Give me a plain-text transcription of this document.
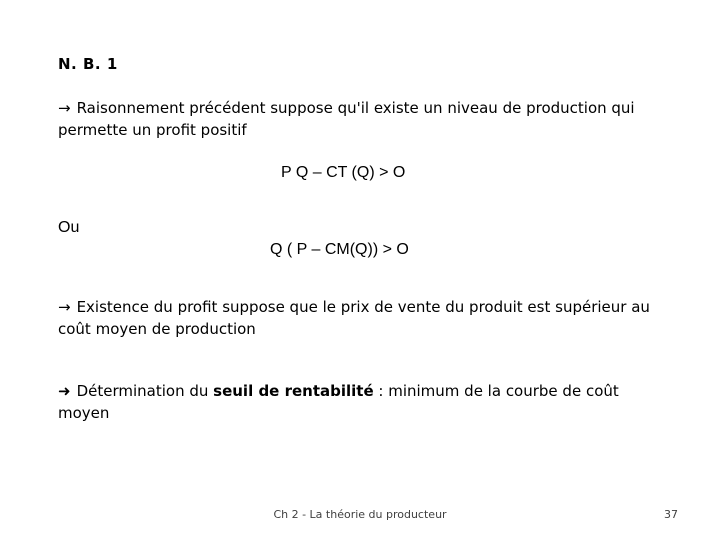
N. B. 1
→ Raisonnement précédent suppose qu'il existe un niveau de production qui permette un profit positif
P Q – CT (Q) > O
Ou
Q ( P – CM(Q)) > O
→ Existence du profit suppose que le prix de vente du produit est supérieur au coût moyen de production
➜ Détermination du seuil de rentabilité : minimum de la courbe de coût moyen
Ch 2 - La théorie du producteur	37
